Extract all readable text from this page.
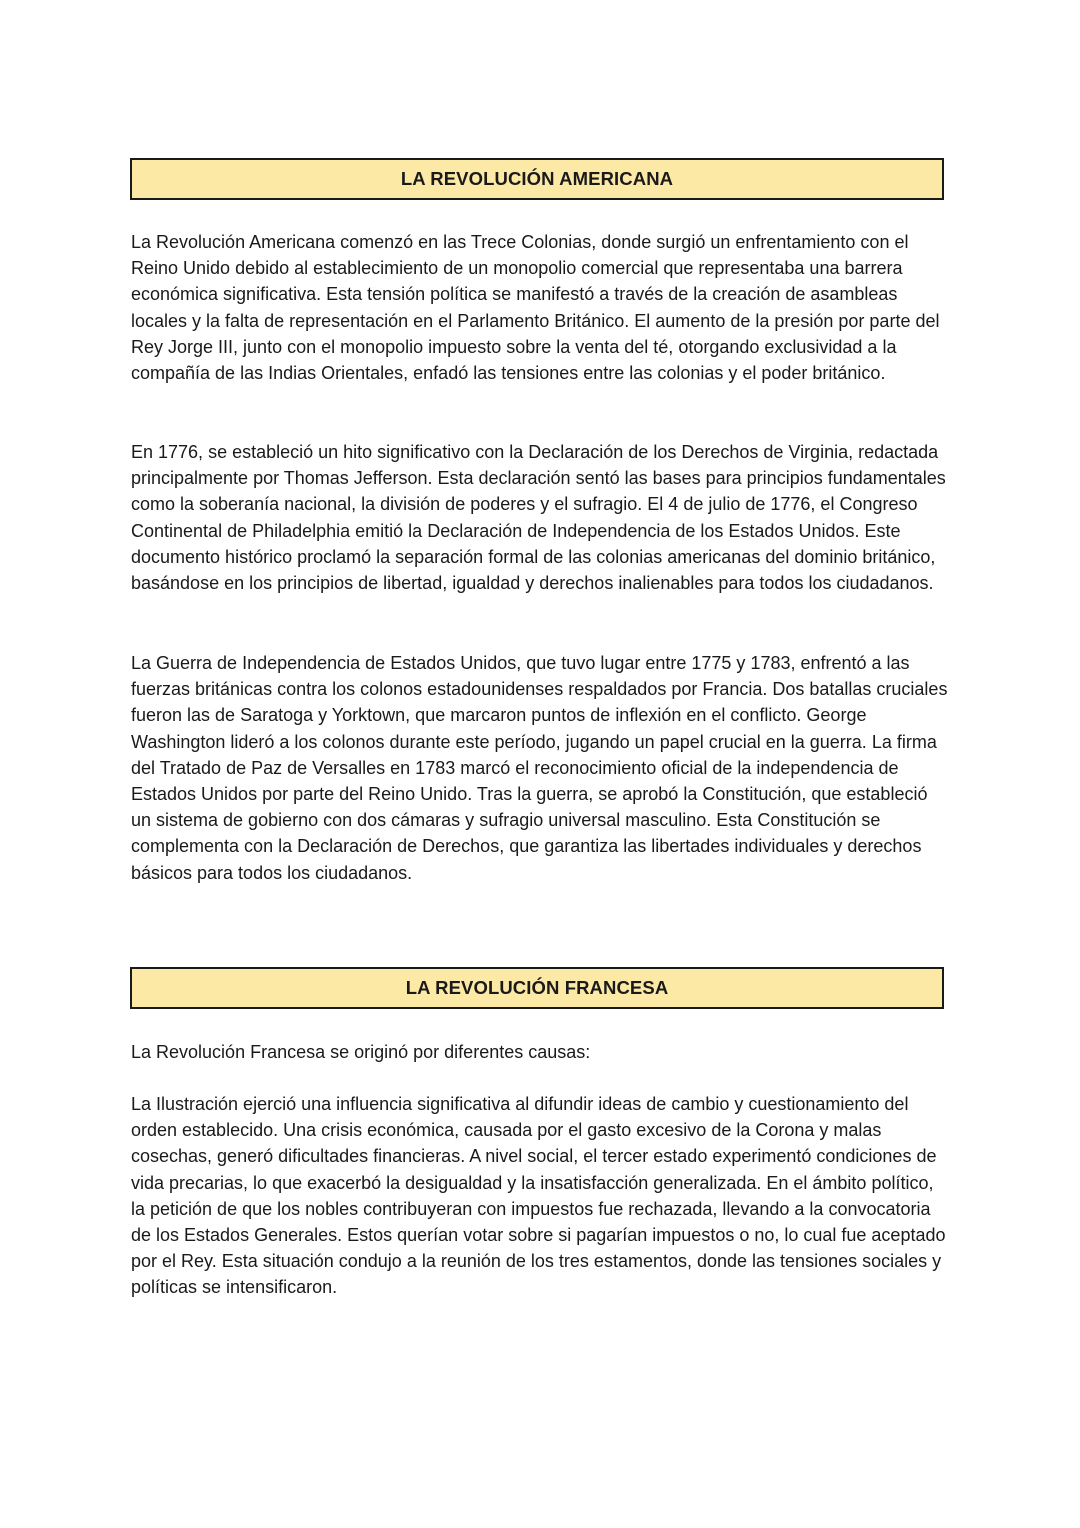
LA REVOLUCIÓN AMERICANA

La Revolución Americana comenzó en las Trece Colonias, donde surgió un enfrentamiento con el Reino Unido debido al establecimiento de un monopolio comercial que representaba una barrera económica significativa. Esta tensión política se manifestó a través de la creación de asambleas locales y la falta de representación en el Parlamento Británico. El aumento de la presión por parte del Rey Jorge III, junto con el monopolio impuesto sobre la venta del té, otorgando exclusividad a la compañía de las Indias Orientales, enfadó las tensiones entre las colonias y el poder británico.

En 1776, se estableció un hito significativo con la Declaración de los Derechos de Virginia, redactada principalmente por Thomas Jefferson. Esta declaración sentó las bases para principios fundamentales como la soberanía nacional, la división de poderes y el sufragio. El 4 de julio de 1776, el Congreso Continental de Philadelphia emitió la Declaración de Independencia de los Estados Unidos. Este documento histórico proclamó la separación formal de las colonias americanas del dominio británico, basándose en los principios de libertad, igualdad y derechos inalienables para todos los ciudadanos.

La Guerra de Independencia de Estados Unidos, que tuvo lugar entre 1775 y 1783, enfrentó a las fuerzas británicas contra los colonos estadounidenses respaldados por Francia. Dos batallas cruciales fueron las de Saratoga y Yorktown, que marcaron puntos de inflexión en el conflicto. George Washington lideró a los colonos durante este período, jugando un papel crucial en la guerra. La firma del Tratado de Paz de Versalles en 1783 marcó el reconocimiento oficial de la independencia de Estados Unidos por parte del Reino Unido. Tras la guerra, se aprobó la Constitución, que estableció un sistema de gobierno con dos cámaras y sufragio universal masculino. Esta Constitución se complementa con la Declaración de Derechos, que garantiza las libertades individuales y derechos básicos para todos los ciudadanos.

LA REVOLUCIÓN FRANCESA

La Revolución Francesa se originó por diferentes causas:

La Ilustración ejerció una influencia significativa al difundir ideas de cambio y cuestionamiento del orden establecido. Una crisis económica, causada por el gasto excesivo de la Corona y malas cosechas, generó dificultades financieras. A nivel social, el tercer estado experimentó condiciones de vida precarias, lo que exacerbó la desigualdad y la insatisfacción generalizada. En el ámbito político, la petición de que los nobles contribuyeran con impuestos fue rechazada, llevando a la convocatoria de los Estados Generales. Estos querían votar sobre si pagarían impuestos o no, lo cual fue aceptado por el Rey. Esta situación condujo a la reunión de los tres estamentos, donde las tensiones sociales y políticas se intensificaron.
